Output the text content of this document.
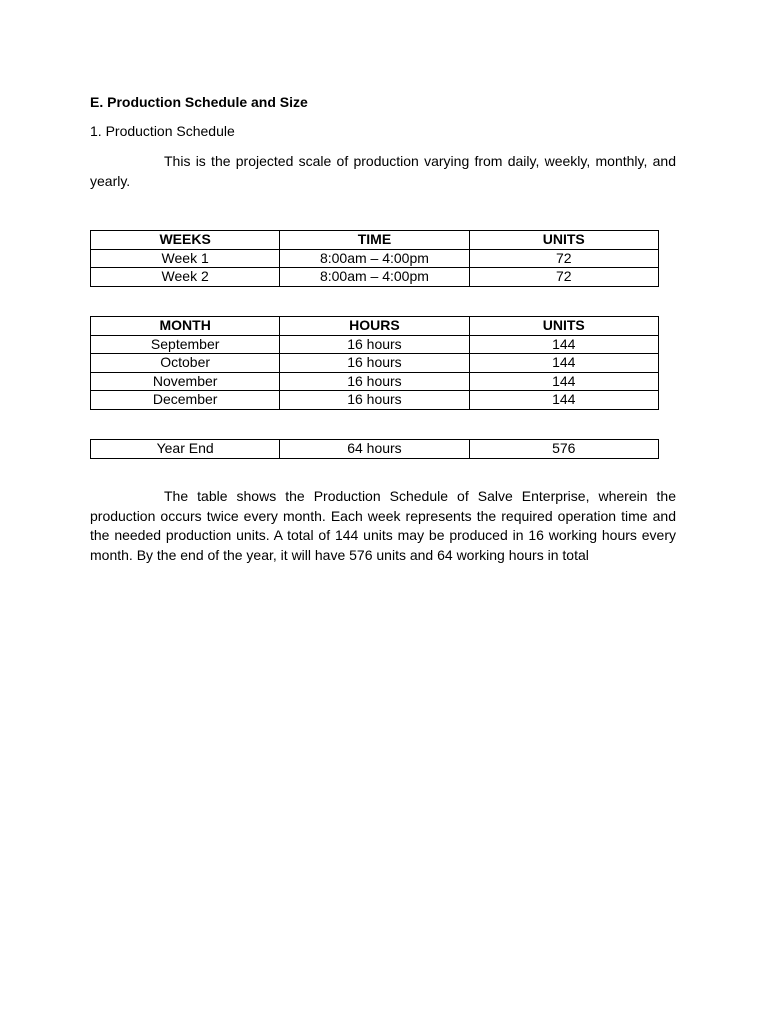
E. Production Schedule and Size

1. Production Schedule

This is the projected scale of production varying from daily, weekly, monthly, and yearly.

WEEKS	TIME	UNITS
Week 1	8:00am – 4:00pm	72
Week 2	8:00am – 4:00pm	72
MONTH	HOURS	UNITS
September	16 hours	144
October	16 hours	144
November	16 hours	144
December	16 hours	144
Year End	64 hours	576

The table shows the Production Schedule of Salve Enterprise, wherein the production occurs twice every month. Each week represents the required operation time and the needed production units. A total of 144 units may be produced in 16 working hours every month. By the end of the year, it will have 576 units and 64 working hours in total
